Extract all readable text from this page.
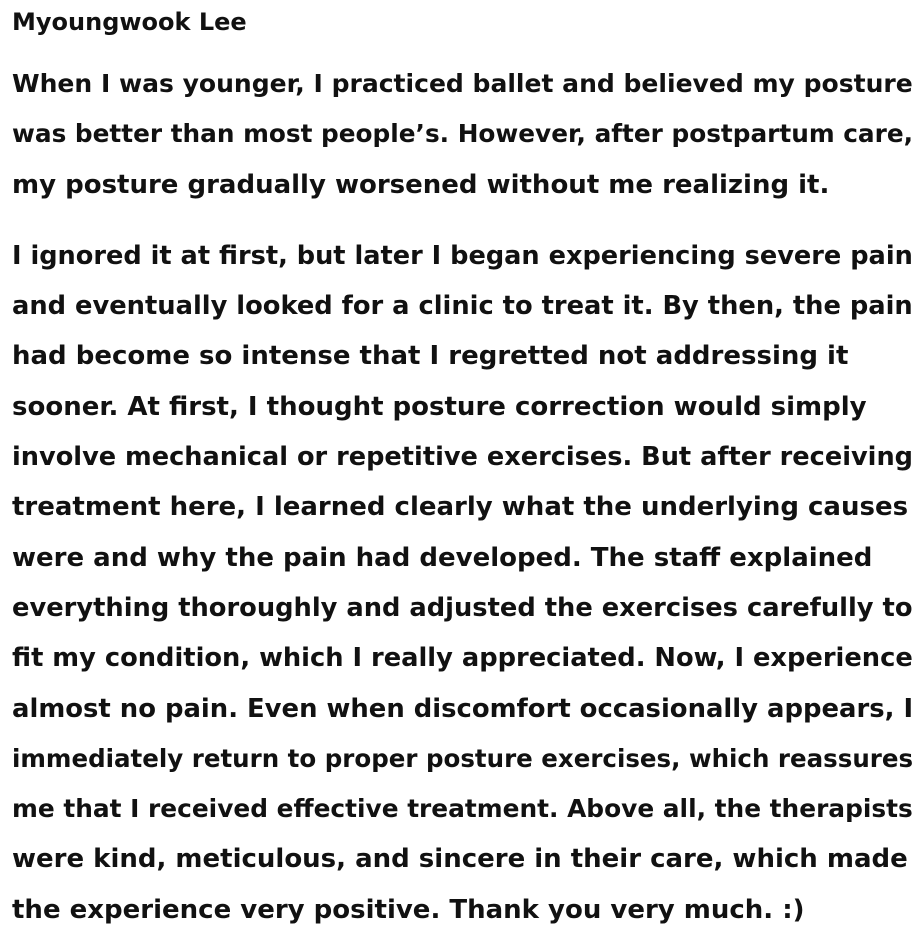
Myoungwook Lee

When I was younger, I practiced ballet and believed my posture
was better than most people’s. However, after postpartum care,
my posture gradually worsened without me realizing it.

I ignored it at first, but later I began experiencing severe pain
and eventually looked for a clinic to treat it. By then, the pain
had become so intense that I regretted not addressing it
sooner. At first, I thought posture correction would simply
involve mechanical or repetitive exercises. But after receiving
treatment here, I learned clearly what the underlying causes
were and why the pain had developed. The staff explained
everything thoroughly and adjusted the exercises carefully to
fit my condition, which I really appreciated. Now, I experience
almost no pain. Even when discomfort occasionally appears, I
immediately return to proper posture exercises, which reassures
me that I received effective treatment. Above all, the therapists
were kind, meticulous, and sincere in their care, which made
the experience very positive. Thank you very much. :)
